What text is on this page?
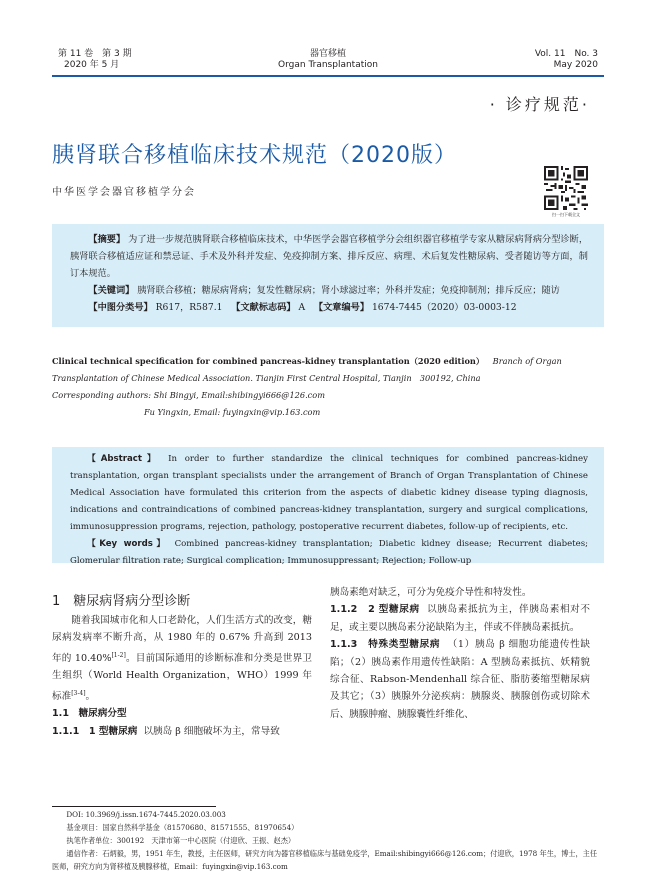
第 11 卷　第 3 期
2020 年 5 月
器官移植
Organ Transplantation
Vol. 11　No. 3
May 2020
· 诊疗规范·
胰肾联合移植临床技术规范（2020版）
中华医学会器官移植学分会
扫一扫下载全文

【摘要】 为了进一步规范胰肾联合移植临床技术，中华医学会器官移植学分会组织器官移植学专家从糖尿病肾病分型诊断，胰肾联合移植适应证和禁忌证、手术及外科并发症、免疫抑制方案、排斥反应、病理、术后复发性糖尿病、受者随访等方面，制订本规范。

【关键词】 胰肾联合移植；糖尿病肾病；复发性糖尿病；肾小球滤过率；外科并发症；免疫抑制剂；排斥反应；随访

【中图分类号】 R617，R587.1 【文献标志码】 A 【文章编号】 1674-7445（2020）03-0003-12

Clinical technical specification for combined pancreas-kidney transplantation（2020 edition） Branch of Organ Transplantation of Chinese Medical Association. Tianjin First Central Hospital, Tianjin　300192, China
Corresponding authors: Shi Bingyi, Email:shibingyi666@126.com
Fu Yingxin, Email: fuyingxin@vip.163.com

【Abstract】 In order to further standardize the clinical techniques for combined pancreas-kidney transplantation, organ transplant specialists under the arrangement of Branch of Organ Transplantation of Chinese Medical Association have formulated this criterion from the aspects of diabetic kidney disease typing diagnosis, indications and contraindications of combined pancreas-kidney transplantation, surgery and surgical complications, immunosuppression programs, rejection, pathology, postoperative recurrent diabetes, follow-up of recipients, etc.

【Key words】 Combined pancreas-kidney transplantation; Diabetic kidney disease; Recurrent diabetes; Glomerular filtration rate; Surgical complication; Immunosuppressant; Rejection; Follow-up

1　糖尿病肾病分型诊断

随着我国城市化和人口老龄化，人们生活方式的改变，糖尿病发病率不断升高，从 1980 年的 0.67% 升高到 2013 年的 10.40%[1-2]。目前国际通用的诊断标准和分类是世界卫生组织（World Health Organization，WHO）1999 年标准[3-4]。

1.1　糖尿病分型

1.1.1　1 型糖尿病 以胰岛 β 细胞破坏为主，常导致

胰岛素绝对缺乏，可分为免疫介导性和特发性。

1.1.2　2 型糖尿病 以胰岛素抵抗为主，伴胰岛素相对不足，或主要以胰岛素分泌缺陷为主，伴或不伴胰岛素抵抗。

1.1.3　特殊类型糖尿病 （1）胰岛 β 细胞功能遗传性缺陷；（2）胰岛素作用遗传性缺陷：A 型胰岛素抵抗、妖精貌综合征、Rabson-Mendenhall 综合征、脂肪萎缩型糖尿病及其它；（3）胰腺外分泌疾病：胰腺炎、胰腺创伤或切除术后、胰腺肿瘤、胰腺囊性纤维化、

DOI: 10.3969/j.issn.1674-7445.2020.03.003

基金项目：国家自然科学基金（81570680、81571555、81970654）

执笔作者单位：300192　天津市第一中心医院（付迎欣、王振、赵杰）

通信作者：石炳毅，男，1951 年生，教授，主任医师，研究方向为器官移植临床与基础免疫学，Email:shibingyi666@126.com；付迎欣，1978 年生，博士，主任医师，研究方向为肾移植及胰腺移植，Email：fuyingxin@vip.163.com
